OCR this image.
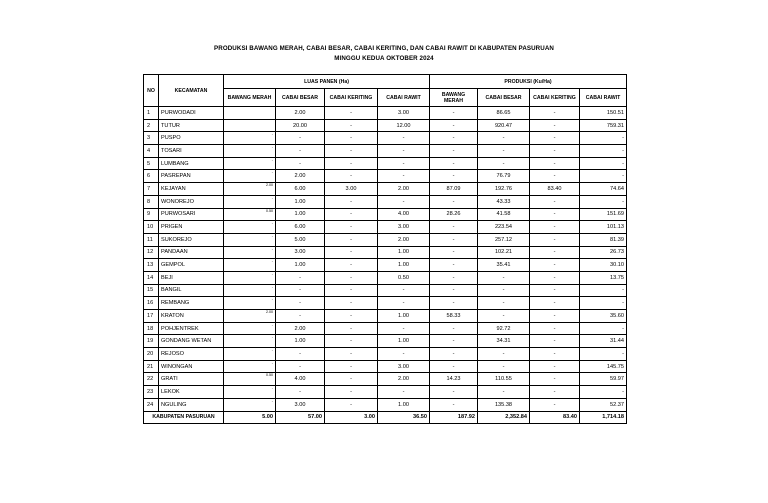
PRODUKSI BAWANG MERAH, CABAI BESAR, CABAI KERITING, DAN CABAI RAWIT DI KABUPATEN PASURUAN
MINGGU KEDUA OKTOBER 2024
NO	KECAMATAN	LUAS PANEN (Ha)				PRODUKSI (Ku/Ha)			
		BAWANG MERAH	CABAI BESAR	CABAI KERITING	CABAI RAWIT	BAWANG MERAH	CABAI BESAR	CABAI KERITING	CABAI RAWIT
1	PURWODADI		2.00	-	3.00	-	86.65	-	150.51
2	TUTUR		20.00	-	12.00	-	920.47	-	759.31
3	PUSPO	-	-	-	-	-	-	-	-
4	TOSARI	-	-	-	-	-	-	-	-
5	LUMBANG	-	-	-	-	-	-	-	-
6	PASREPAN	-	2.00	-	-	-	76.79	-	-
7	KEJAYAN	2.00	6.00	3.00	2.00	87.09	192.76	83.40	74.64
8	WONOREJO	-	1.00	-	-	-	43.33	-	-
9	PURWOSARI	0.50	1.00	-	4.00	28.26	41.58	-	151.69
10	PRIGEN	-	6.00	-	3.00	-	223.54	-	101.13
11	SUKOREJO	-	5.00	-	2.00	-	257.12	-	81.39
12	PANDAAN	-	3.00	-	1.00	-	102.21	-	26.73
13	GEMPOL	-	1.00	-	1.00	-	35.41	-	30.10
14	BEJI	-	-	-	0.50	-	-	-	13.75
15	BANGIL	-	-	-	-	-	-	-	-
16	REMBANG	-	-	-	-	-	-	-	-
17	KRATON	2.00	-	-	1.00	58.33	-	-	35.60
18	POHJENTREK	-	2.00	-	-	-	92.72	-	-
19	GONDANG WETAN	-	1.00	-	1.00	-	34.31	-	31.44
20	REJOSO	-	-	-	-	-	-	-	-
21	WINONGAN	-	-	-	3.00	-	-	-	145.75
22	GRATI	0.50	4.00	-	2.00	14.23	110.55	-	59.97
23	LEKOK	-	-	-	-	-	-	-	-
24	NGULING	-	3.00	-	1.00	-	135.38	-	52.37
KABUPATEN PASURUAN		5.00	57.00	3.00	36.50	187.92	2,352.84	83.40	1,714.18
